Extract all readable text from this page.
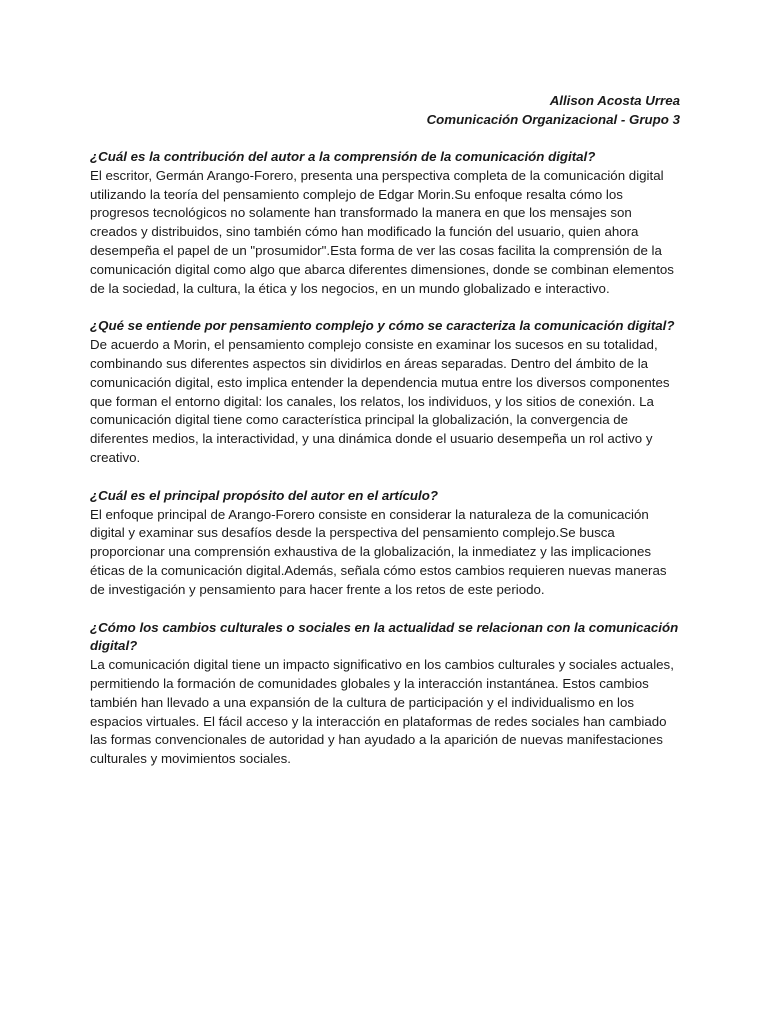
Allison Acosta Urrea
Comunicación Organizacional - Grupo 3

¿Cuál es la contribución del autor a la comprensión de la comunicación digital?

El escritor, Germán Arango-Forero, presenta una perspectiva completa de la comunicación digital utilizando la teoría del pensamiento complejo de Edgar Morin.Su enfoque resalta cómo los progresos tecnológicos no solamente han transformado la manera en que los mensajes son creados y distribuidos, sino también cómo han modificado la función del usuario, quien ahora desempeña el papel de un "prosumidor".Esta forma de ver las cosas facilita la comprensión de la comunicación digital como algo que abarca diferentes dimensiones, donde se combinan elementos de la sociedad, la cultura, la ética y los negocios, en un mundo globalizado e interactivo.

¿Qué se entiende por pensamiento complejo y cómo se caracteriza la comunicación digital?

De acuerdo a Morin, el pensamiento complejo consiste en examinar los sucesos en su totalidad, combinando sus diferentes aspectos sin dividirlos en áreas separadas. Dentro del ámbito de la comunicación digital, esto implica entender la dependencia mutua entre los diversos componentes que forman el entorno digital: los canales, los relatos, los individuos, y los sitios de conexión. La comunicación digital tiene como característica principal la globalización, la convergencia de diferentes medios, la interactividad, y una dinámica donde el usuario desempeña un rol activo y creativo.

¿Cuál es el principal propósito del autor en el artículo?

El enfoque principal de Arango-Forero consiste en considerar la naturaleza de la comunicación digital y examinar sus desafíos desde la perspectiva del pensamiento complejo.Se busca proporcionar una comprensión exhaustiva de la globalización, la inmediatez y las implicaciones éticas de la comunicación digital.Además, señala cómo estos cambios requieren nuevas maneras de investigación y pensamiento para hacer frente a los retos de este periodo.

¿Cómo los cambios culturales o sociales en la actualidad se relacionan con la comunicación digital?

La comunicación digital tiene un impacto significativo en los cambios culturales y sociales actuales, permitiendo la formación de comunidades globales y la interacción instantánea. Estos cambios también han llevado a una expansión de la cultura de participación y el individualismo en los espacios virtuales. El fácil acceso y la interacción en plataformas de redes sociales han cambiado las formas convencionales de autoridad y han ayudado a la aparición de nuevas manifestaciones culturales y movimientos sociales.
